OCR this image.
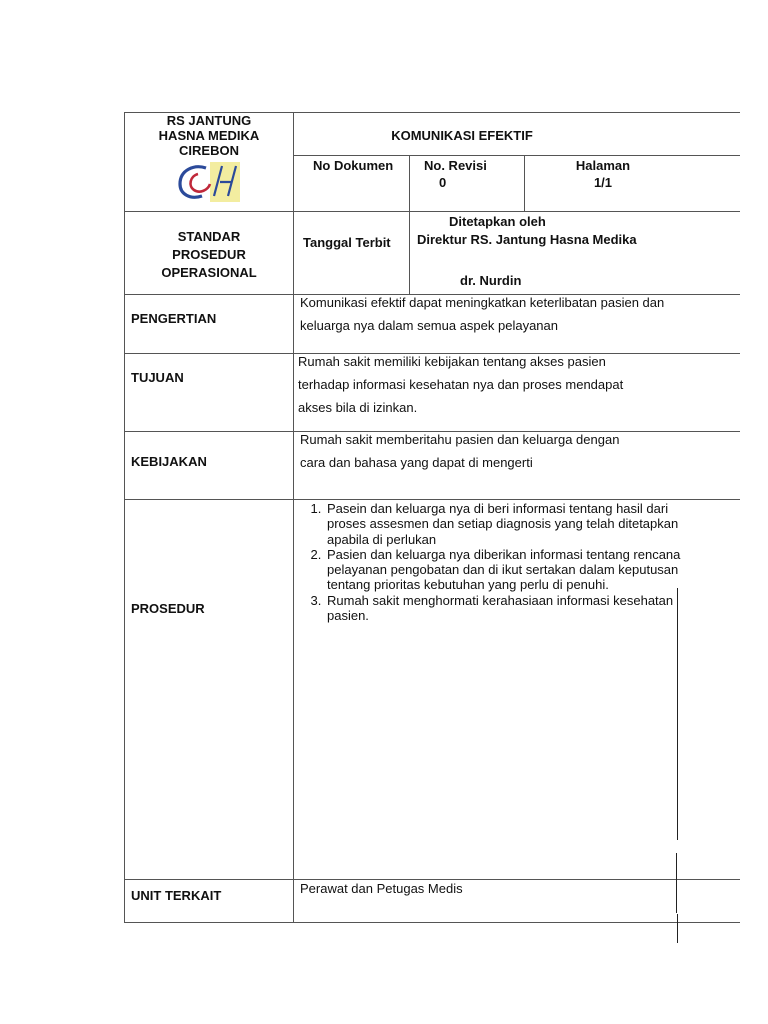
RS JANTUNG
HASNA MEDIKA
CIREBON
KOMUNIKASI EFEKTIF
No Dokumen No. Revisi
0
Halaman
1/1
STANDAR
PROSEDUR
OPERASIONAL
Tanggal Terbit
Ditetapkan oleh
Direktur RS. Jantung Hasna Medika
dr. Nurdin
PENGERTIAN
Komunikasi efektif dapat meningkatkan keterlibatan pasien dan
keluarga nya dalam semua aspek pelayanan
TUJUAN
Rumah sakit memiliki kebijakan tentang akses pasien
terhadap informasi kesehatan nya dan proses mendapat
akses bila di izinkan.
KEBIJAKAN
Rumah sakit memberitahu pasien dan keluarga dengan
cara dan bahasa yang dapat di mengerti
PROSEDUR
1. Pasein dan keluarga nya di beri informasi tentang hasil dari proses assesmen dan setiap diagnosis yang telah ditetapkan apabila di perlukan
2. Pasien dan keluarga nya diberikan informasi tentang rencana pelayanan pengobatan dan di ikut sertakan dalam keputusan tentang prioritas kebutuhan yang perlu di penuhi.
3. Rumah sakit menghormati kerahasiaan informasi kesehatan pasien.
UNIT TERKAIT	Perawat dan Petugas Medis
